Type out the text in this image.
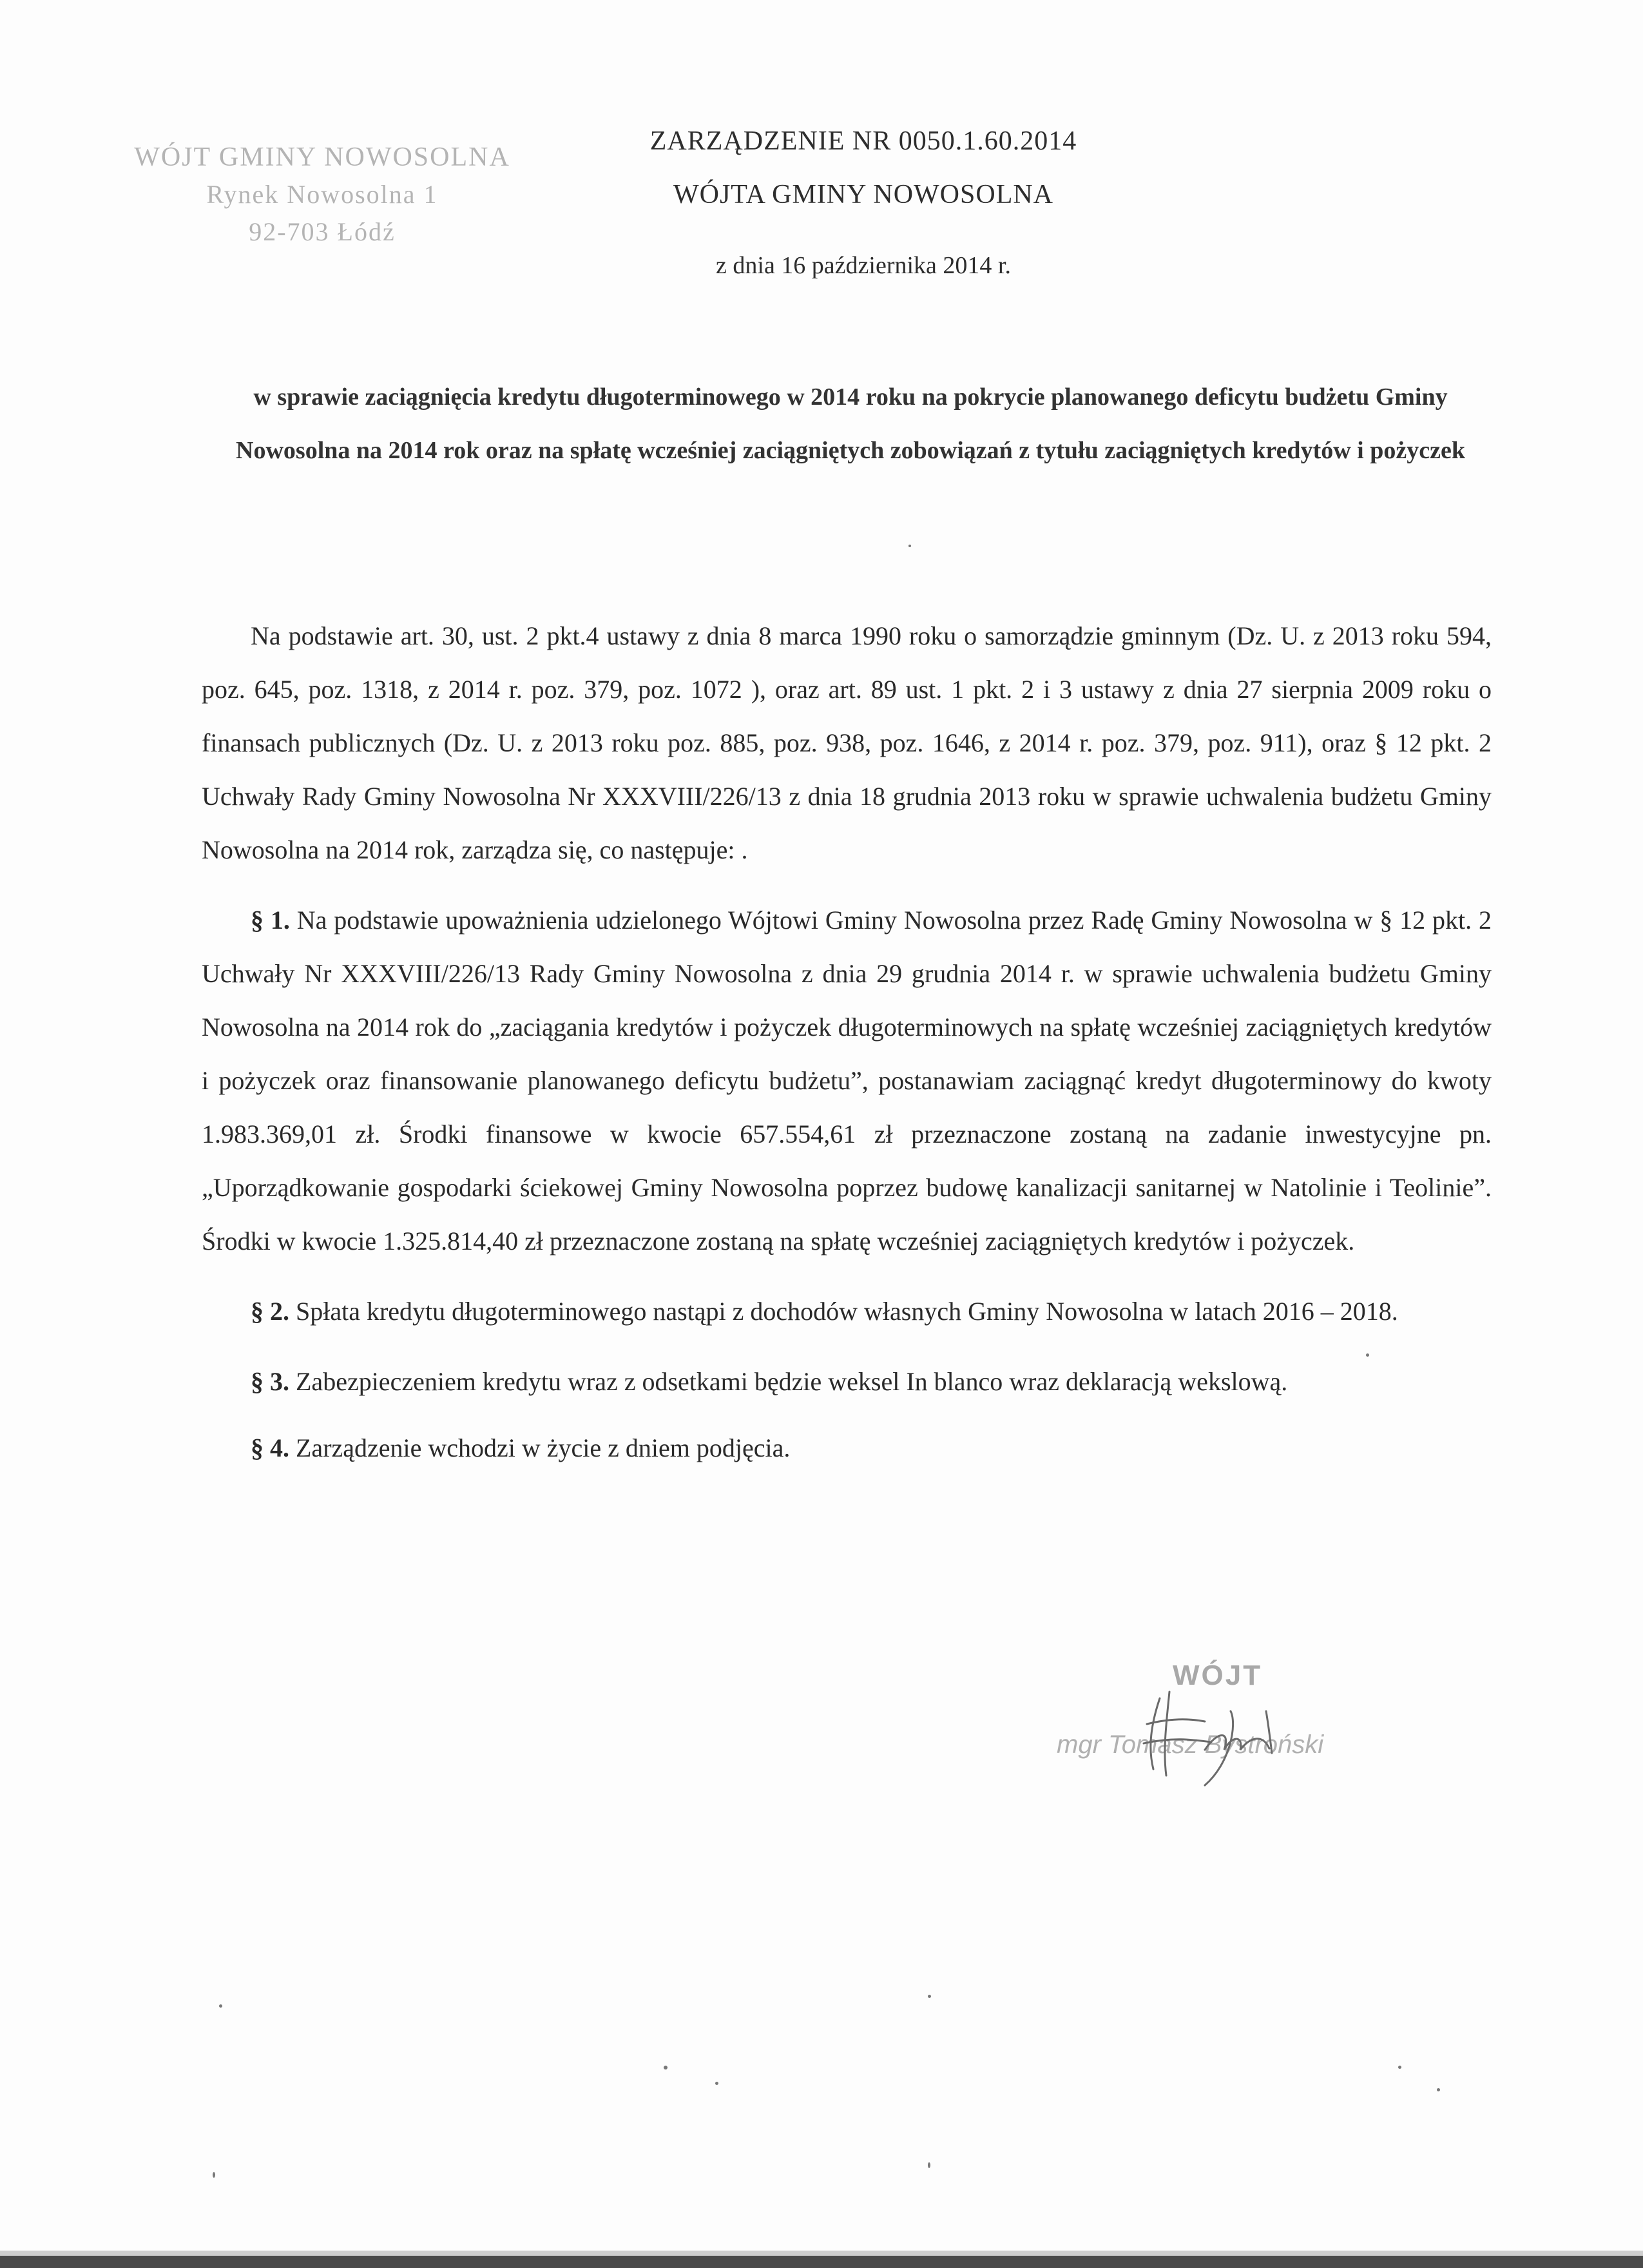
WÓJT GMINY NOWOSOLNA
Rynek Nowosolna 1
92-703 Łódź
ZARZĄDZENIE NR 0050.1.60.2014
WÓJTA GMINY NOWOSOLNA
z dnia 16 października 2014 r.
w sprawie zaciągnięcia kredytu długoterminowego w 2014 roku na pokrycie planowanego deficytu budżetu Gminy Nowosolna na 2014 rok oraz na spłatę wcześniej zaciągniętych zobowiązań z tytułu zaciągniętych kredytów i pożyczek

Na podstawie art. 30, ust. 2 pkt.4 ustawy z dnia 8 marca 1990 roku o samorządzie gminnym (Dz. U. z 2013 roku 594, poz. 645, poz. 1318, z 2014 r. poz. 379, poz. 1072 ), oraz art. 89 ust. 1 pkt. 2 i 3 ustawy z dnia 27 sierpnia 2009 roku o finansach publicznych (Dz. U. z 2013 roku poz. 885, poz. 938, poz. 1646, z 2014 r. poz. 379, poz. 911), oraz § 12 pkt. 2 Uchwały Rady Gminy Nowosolna Nr XXXVIII/226/13 z dnia 18 grudnia 2013 roku w sprawie uchwalenia budżetu Gminy Nowosolna na 2014 rok, zarządza się, co następuje: .

§ 1. Na podstawie upoważnienia udzielonego Wójtowi Gminy Nowosolna przez Radę Gminy Nowosolna w § 12 pkt. 2 Uchwały Nr XXXVIII/226/13 Rady Gminy Nowosolna z dnia 29 grudnia 2014 r. w sprawie uchwalenia budżetu Gminy Nowosolna na 2014 rok do „zaciągania kredytów i pożyczek długoterminowych na spłatę wcześniej zaciągniętych kredytów i pożyczek oraz finansowanie planowanego deficytu budżetu”, postanawiam zaciągnąć kredyt długoterminowy do kwoty 1.983.369,01 zł. Środki finansowe w kwocie 657.554,61 zł przeznaczone zostaną na zadanie inwestycyjne pn. „Uporządkowanie gospodarki ściekowej Gminy Nowosolna poprzez budowę kanalizacji sanitarnej w Natolinie i Teolinie”. Środki w kwocie 1.325.814,40 zł przeznaczone zostaną na spłatę wcześniej zaciągniętych kredytów i pożyczek.

§ 2. Spłata kredytu długoterminowego nastąpi z dochodów własnych Gminy Nowosolna w latach 2016 – 2018.

§ 3. Zabezpieczeniem kredytu wraz z odsetkami będzie weksel In blanco wraz deklaracją wekslową.

§ 4. Zarządzenie wchodzi w życie z dniem podjęcia.

WÓJT
mgr Tomasz Bystroński
